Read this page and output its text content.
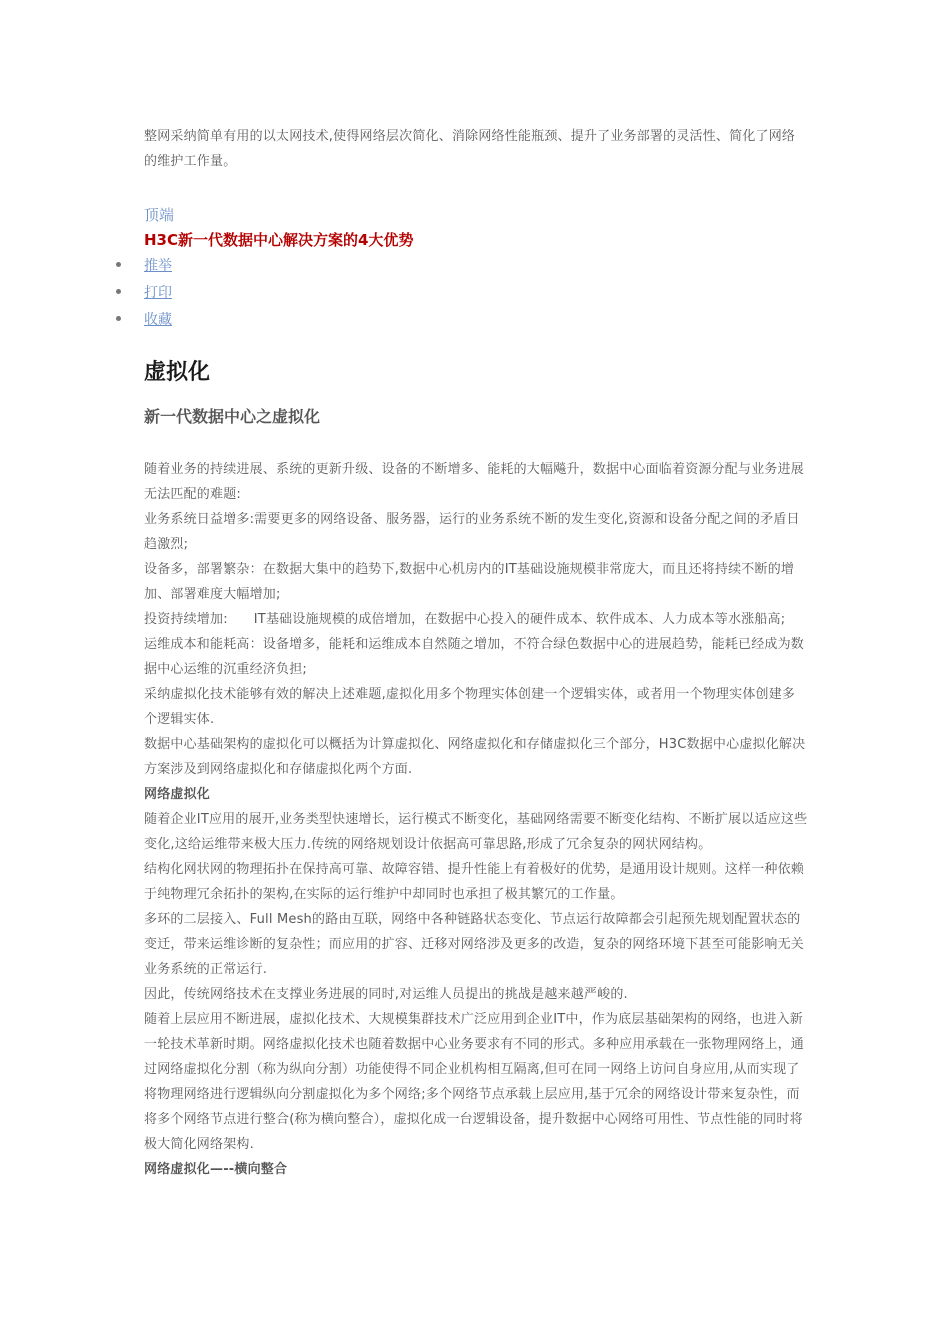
整网采纳简单有用的以太网技术,使得网络层次简化、消除网络性能瓶颈、提升了业务部署的灵活性、简化了网络的维护工作量。

顶端
H3C新一代数据中心解决方案的4大优势
推举
打印
收藏
虚拟化
新一代数据中心之虚拟化

随着业务的持续进展、系统的更新升级、设备的不断增多、能耗的大幅飚升，数据中心面临着资源分配与业务进展无法匹配的难题:

业务系统日益增多:需要更多的网络设备、服务器，运行的业务系统不断的发生变化,资源和设备分配之间的矛盾日趋激烈;

设备多，部署繁杂：在数据大集中的趋势下,数据中心机房内的IT基础设施规模非常庞大，而且还将持续不断的增加、部署难度大幅增加;

投资持续增加:      IT基础设施规模的成倍增加，在数据中心投入的硬件成本、软件成本、人力成本等水涨船高;

运维成本和能耗高：设备增多，能耗和运维成本自然随之增加，不符合绿色数据中心的进展趋势，能耗已经成为数据中心运维的沉重经济负担;

采纳虚拟化技术能够有效的解决上述难题,虚拟化用多个物理实体创建一个逻辑实体，或者用一个物理实体创建多个逻辑实体.

数据中心基础架构的虚拟化可以概括为计算虚拟化、网络虚拟化和存储虚拟化三个部分，H3C数据中心虚拟化解决方案涉及到网络虚拟化和存储虚拟化两个方面.

网络虚拟化

随着企业IT应用的展开,业务类型快速增长，运行模式不断变化，基础网络需要不断变化结构、不断扩展以适应这些变化,这给运维带来极大压力.传统的网络规划设计依据高可靠思路,形成了冗余复杂的网状网结构。

结构化网状网的物理拓扑在保持高可靠、故障容错、提升性能上有着极好的优势，是通用设计规则。这样一种依赖于纯物理冗余拓扑的架构,在实际的运行维护中却同时也承担了极其繁冗的工作量。

多环的二层接入、Full Mesh的路由互联，网络中各种链路状态变化、节点运行故障都会引起预先规划配置状态的变迁，带来运维诊断的复杂性；而应用的扩容、迁移对网络涉及更多的改造，复杂的网络环境下甚至可能影响无关业务系统的正常运行.

因此，传统网络技术在支撑业务进展的同时,对运维人员提出的挑战是越来越严峻的.

随着上层应用不断进展，虚拟化技术、大规模集群技术广泛应用到企业IT中，作为底层基础架构的网络，也进入新一轮技术革新时期。网络虚拟化技术也随着数据中心业务要求有不同的形式。多种应用承载在一张物理网络上，通过网络虚拟化分割（称为纵向分割）功能使得不同企业机构相互隔离,但可在同一网络上访问自身应用,从而实现了将物理网络进行逻辑纵向分割虚拟化为多个网络;多个网络节点承载上层应用,基于冗余的网络设计带来复杂性，而将多个网络节点进行整合(称为横向整合），虚拟化成一台逻辑设备，提升数据中心网络可用性、节点性能的同时将极大简化网络架构.

网络虚拟化—--横向整合
